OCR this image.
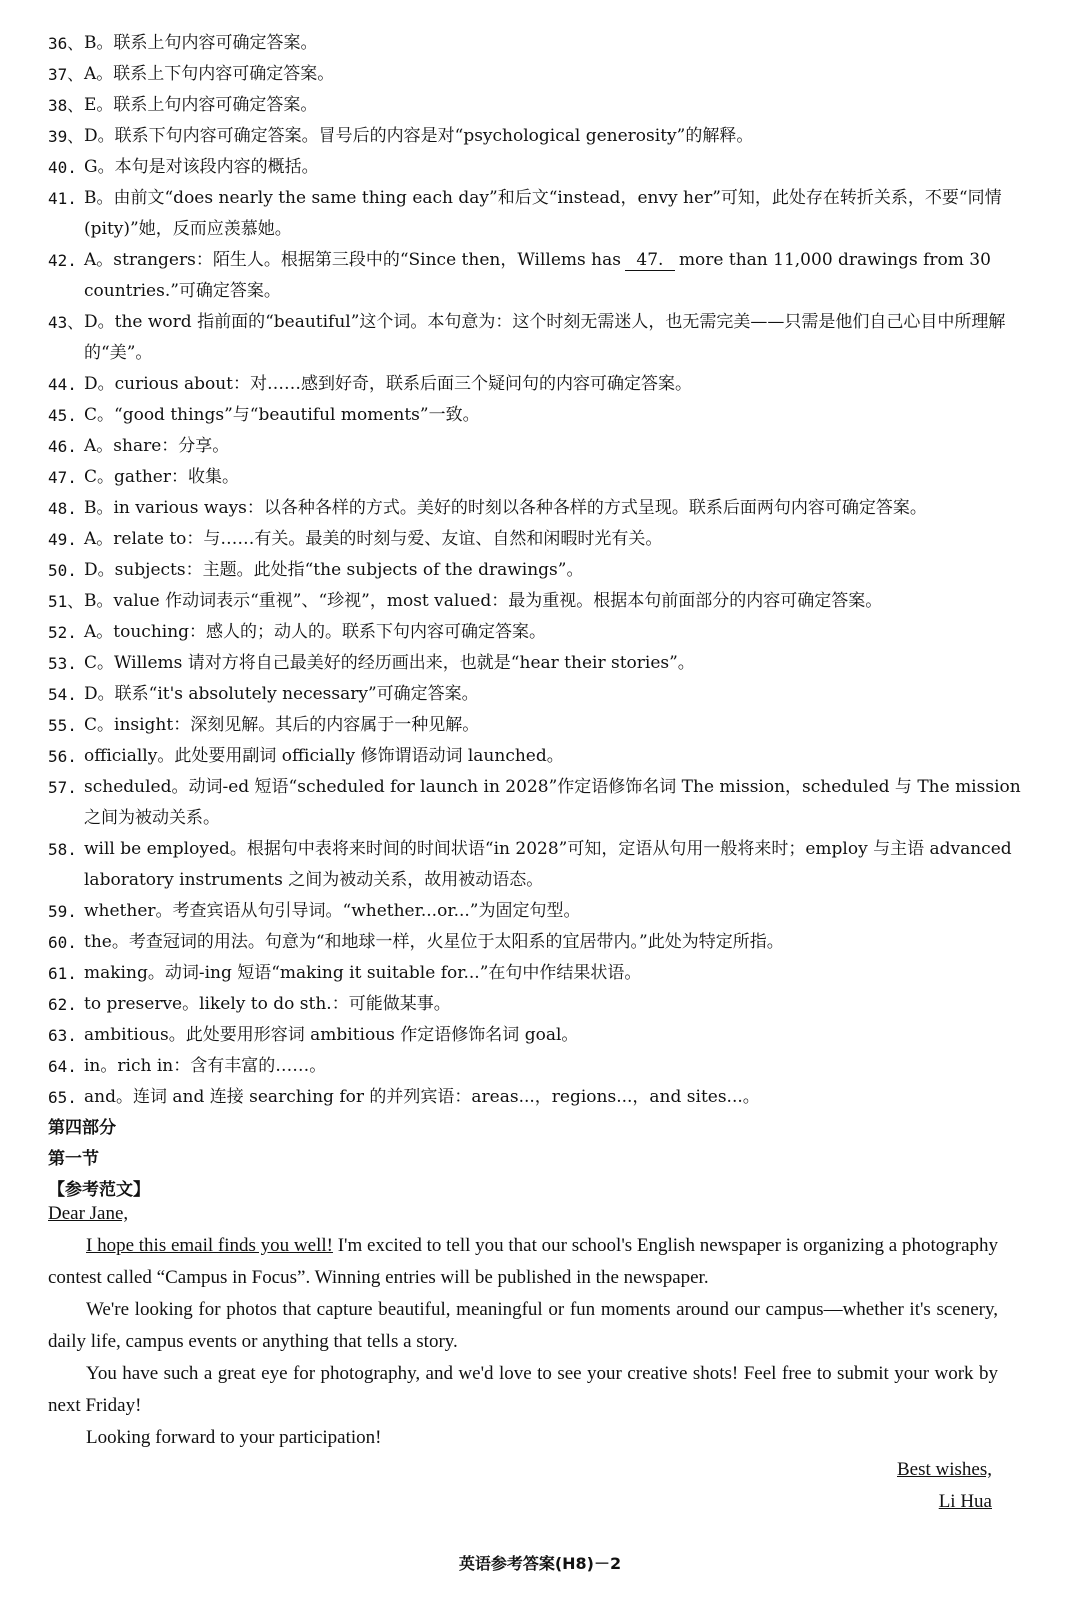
36、 B。联系上句内容可确定答案。
37、 A。联系上下句内容可确定答案。
38、 E。联系上句内容可确定答案。
39、 D。联系下句内容可确定答案。冒号后的内容是对“psychological generosity”的解释。
40. G。本句是对该段内容的概括。
41. B。由前文“does nearly the same thing each day”和后文“instead，envy her”可知，此处存在转折关系，不要“同情(pity)”她，反而应羡慕她。
42. A。strangers：陌生人。根据第三段中的“Since then，Willems has 47. more than 11,000 drawings from 30 countries.”可确定答案。
43、 D。the word 指前面的“beautiful”这个词。本句意为：这个时刻无需迷人，也无需完美——只需是他们自己心目中所理解的“美”。
44. D。curious about：对……感到好奇，联系后面三个疑问句的内容可确定答案。
45. C。“good things”与“beautiful moments”一致。
46. A。share：分享。
47. C。gather：收集。
48. B。in various ways：以各种各样的方式。美好的时刻以各种各样的方式呈现。联系后面两句内容可确定答案。
49. A。relate to：与……有关。最美的时刻与爱、友谊、自然和闲暇时光有关。
50. D。subjects：主题。此处指“the subjects of the drawings”。
51、 B。value 作动词表示“重视”、“珍视”，most valued：最为重视。根据本句前面部分的内容可确定答案。
52. A。touching：感人的；动人的。联系下句内容可确定答案。
53. C。Willems 请对方将自己最美好的经历画出来，也就是“hear their stories”。
54. D。联系“it's absolutely necessary”可确定答案。
55. C。insight：深刻见解。其后的内容属于一种见解。
56. officially。此处要用副词 officially 修饰谓语动词 launched。
57. scheduled。动词-ed 短语“scheduled for launch in 2028”作定语修饰名词 The mission，scheduled 与 The mission 之间为被动关系。
58. will be employed。根据句中表将来时间的时间状语“in 2028”可知，定语从句用一般将来时；employ 与主语 advanced laboratory instruments 之间为被动关系，故用被动语态。
59. whether。考查宾语从句引导词。“whether...or...”为固定句型。
60. the。考查冠词的用法。句意为“和地球一样，火星位于太阳系的宜居带内。”此处为特定所指。
61. making。动词-ing 短语“making it suitable for...”在句中作结果状语。
62. to preserve。likely to do sth.：可能做某事。
63. ambitious。此处要用形容词 ambitious 作定语修饰名词 goal。
64. in。rich in：含有丰富的……。
65. and。连词 and 连接 searching for 的并列宾语：areas...，regions...，and sites...。
第四部分
第一节
【参考范文】

Dear Jane,

I hope this email finds you well! I'm excited to tell you that our school's English newspaper is organizing a photography contest called “Campus in Focus”. Winning entries will be published in the newspaper.

We're looking for photos that capture beautiful, meaningful or fun moments around our campus—whether it's scenery, daily life, campus events or anything that tells a story.

You have such a great eye for photography, and we'd love to see your creative shots! Feel free to submit your work by next Friday!

Looking forward to your participation!

Best wishes,
Li Hua
英语参考答案(H8)－2
